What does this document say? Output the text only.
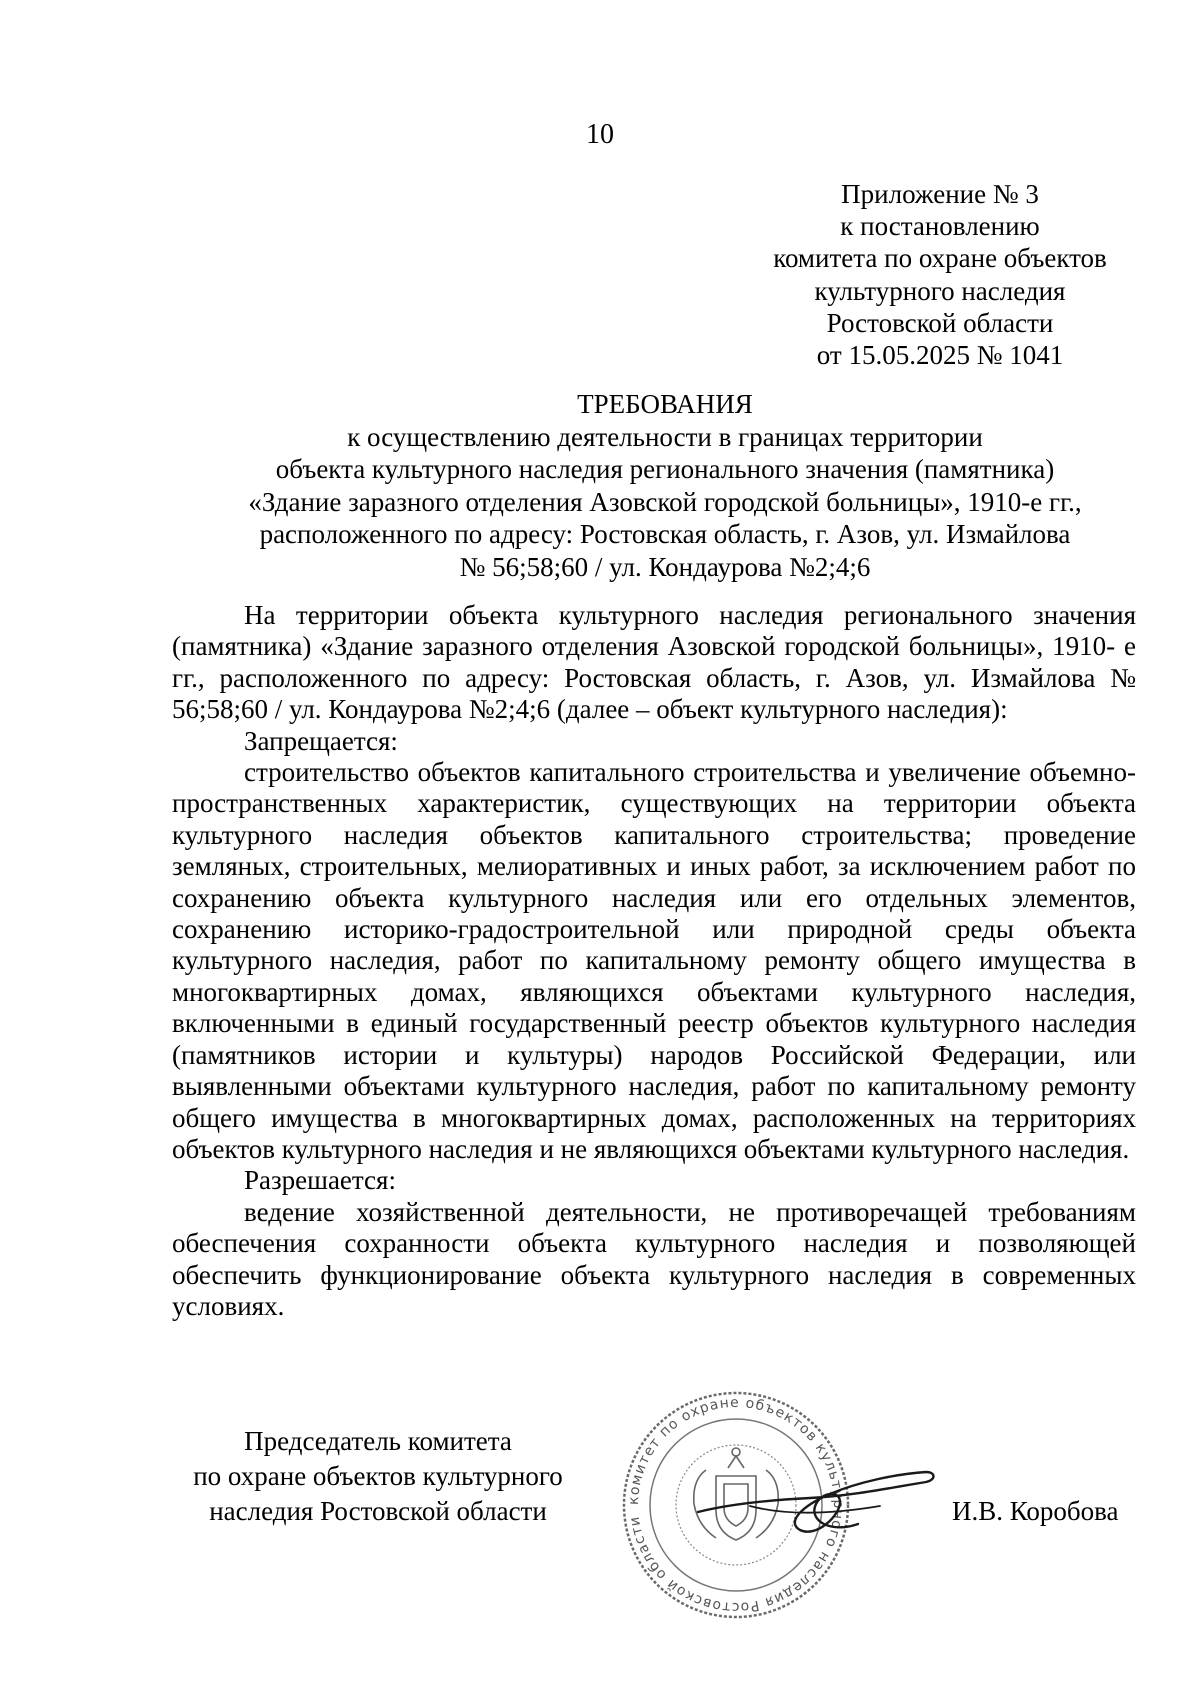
10
Приложение № 3
к постановлению
комитета по охране объектов
культурного наследия
Ростовской области
от 15.05.2025 № 1041
ТРЕБОВАНИЯ
к осуществлению деятельности в границах территории
объекта культурного наследия регионального значения (памятника)
«Здание заразного отделения Азовской городской больницы», 1910-е гг.,
расположенного по адресу: Ростовская область, г. Азов, ул. Измайлова
№ 56;58;60 / ул. Кондаурова №2;4;6

На территории объекта культурного наследия регионального значения (памятника) «Здание заразного отделения Азовской городской больницы», 1910- е гг., расположенного по адресу: Ростовская область, г. Азов, ул. Измайлова № 56;58;60 / ул. Кондаурова №2;4;6 (далее – объект культурного наследия):

Запрещается:

строительство объектов капитального строительства и увеличение объемно-пространственных характеристик, существующих на территории объекта культурного наследия объектов капитального строительства; проведение земляных, строительных, мелиоративных и иных работ, за исключением работ по сохранению объекта культурного наследия или его отдельных элементов, сохранению историко-градостроительной или природной среды объекта культурного наследия, работ по капитальному ремонту общего имущества в многоквартирных домах, являющихся объектами культурного наследия, включенными в единый государственный реестр объектов культурного наследия (памятников истории и культуры) народов Российской Федерации, или выявленными объектами культурного наследия, работ по капитальному ремонту общего имущества в многоквартирных домах, расположенных на территориях объектов культурного наследия и не являющихся объектами культурного наследия.

Разрешается:

ведение хозяйственной деятельности, не противоречащей требованиям обеспечения сохранности объекта культурного наследия и позволяющей обеспечить функционирование объекта культурного наследия в современных условиях.

Председатель комитета
по охране объектов культурного
наследия Ростовской области	комитет по охране объектов культурного наследия Ростовской области	И.В. Коробова
